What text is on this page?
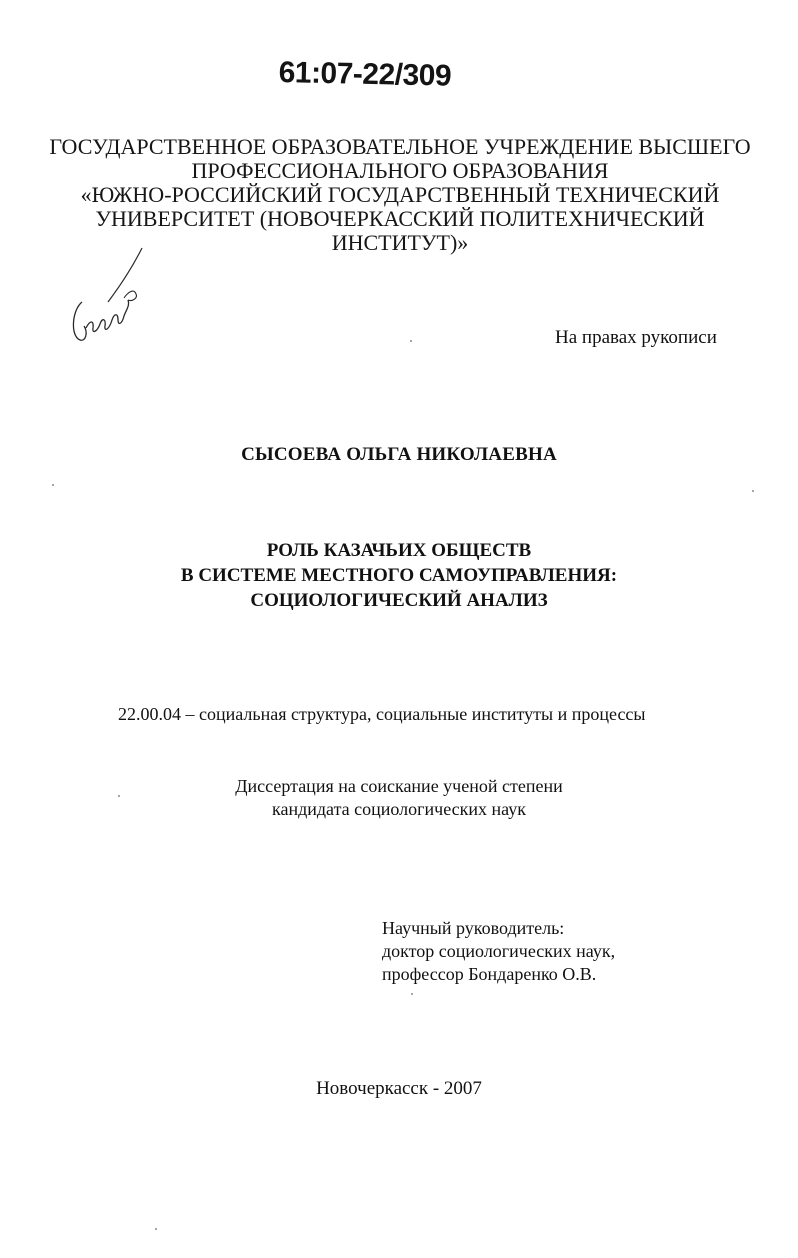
61:07-22/309
ГОСУДАРСТВЕННОЕ ОБРАЗОВАТЕЛЬНОЕ УЧРЕЖДЕНИЕ ВЫСШЕГО
ПРОФЕССИОНАЛЬНОГО ОБРАЗОВАНИЯ
«ЮЖНО-РОССИЙСКИЙ ГОСУДАРСТВЕННЫЙ ТЕХНИЧЕСКИЙ
УНИВЕРСИТЕТ (НОВОЧЕРКАССКИЙ ПОЛИТЕХНИЧЕСКИЙ
ИНСТИТУТ)»
На правах рукописи
СЫСОЕВА ОЛЬГА НИКОЛАЕВНА
РОЛЬ КАЗАЧЬИХ ОБЩЕСТВ
В СИСТЕМЕ МЕСТНОГО САМОУПРАВЛЕНИЯ:
СОЦИОЛОГИЧЕСКИЙ АНАЛИЗ
22.00.04 – социальная структура, социальные институты и процессы
Диссертация на соискание ученой степени
кандидата социологических наук
Научный руководитель:
доктор социологических наук,
профессор Бондаренко О.В.
Новочеркасск - 2007
